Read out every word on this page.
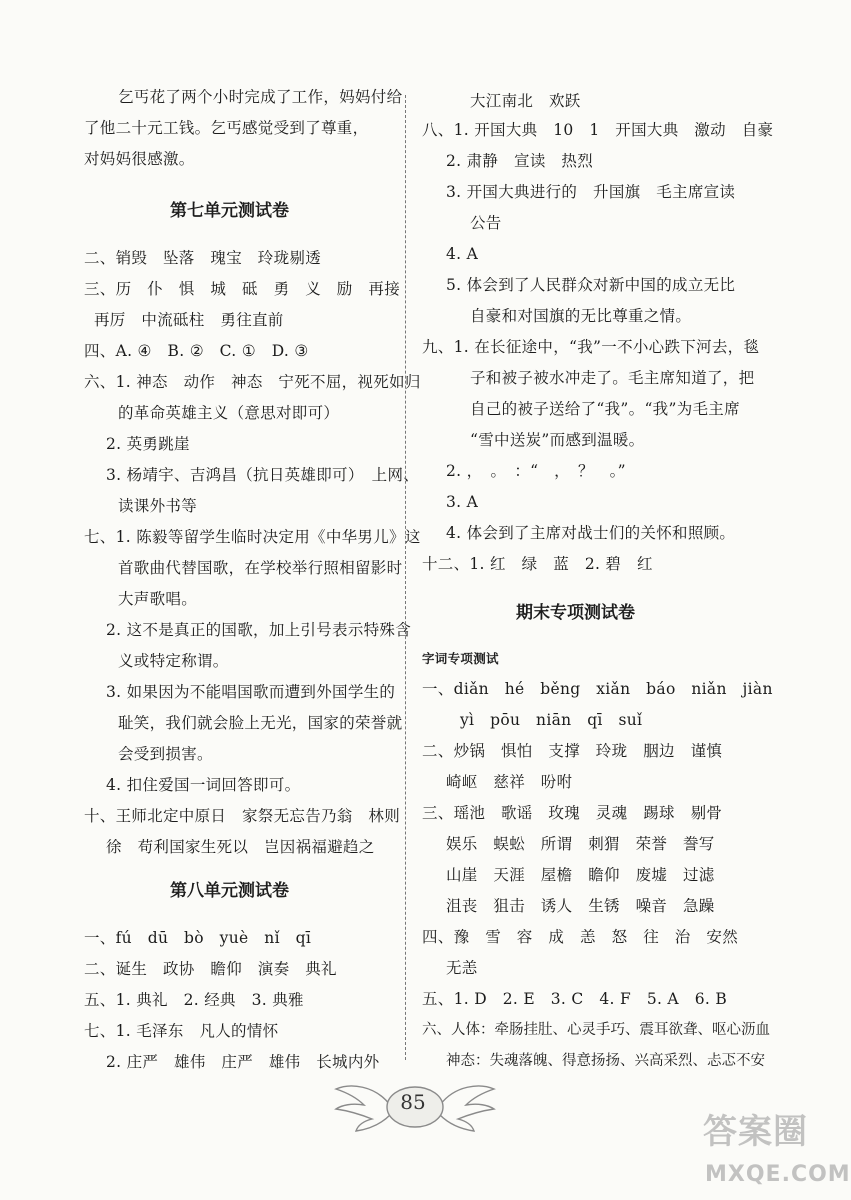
乞丐花了两个小时完成了工作，妈妈付给
了他二十元工钱。乞丐感觉受到了尊重，
对妈妈很感激。
第七单元测试卷
二、销毁　坠落　瑰宝　玲珑剔透
三、历　仆　惧　城　砥　勇　义　励　再接
再厉　中流砥柱　勇往直前
四、A. ④　B. ②　C. ①　D. ③
六、1. 神态　动作　神态　宁死不屈，视死如归
的革命英雄主义（意思对即可）
2. 英勇跳崖
3. 杨靖宇、吉鸿昌（抗日英雄即可）　上网、
读课外书等
七、1. 陈毅等留学生临时决定用《中华男儿》这
首歌曲代替国歌，在学校举行照相留影时
大声歌唱。
2. 这不是真正的国歌，加上引号表示特殊含
义或特定称谓。
3. 如果因为不能唱国歌而遭到外国学生的
耻笑，我们就会脸上无光，国家的荣誉就
会受到损害。
4. 扣住爱国一词回答即可。
十、王师北定中原日　家祭无忘告乃翁　林则
徐　苟利国家生死以　岂因祸福避趋之
第八单元测试卷
一、fú　dū　bò　yuè　nǐ　qī
二、诞生　政协　瞻仰　演奏　典礼
五、1. 典礼　2. 经典　3. 典雅
七、1. 毛泽东　凡人的情怀
2. 庄严　雄伟　庄严　雄伟　长城内外
大江南北　欢跃
八、1. 开国大典　10　1　开国大典　激动　自豪
2. 肃静　宣读　热烈
3. 开国大典进行的　升国旗　毛主席宣读
公告
4. A
5. 体会到了人民群众对新中国的成立无比
自豪和对国旗的无比尊重之情。
九、1. 在长征途中，“我”一不小心跌下河去，毯
子和被子被水冲走了。毛主席知道了，把
自己的被子送给了“我”。“我”为毛主席
“雪中送炭”而感到温暖。
2. ，　。　：“　，　？　。”
3. A
4. 体会到了主席对战士们的关怀和照顾。
十二、1. 红　绿　蓝　2. 碧　红
期末专项测试卷
字词专项测试
一、diǎn　hé　běng　xiǎn　báo　niǎn　jiàn
yì　pōu　niān　qī　suǐ
二、炒锅　惧怕　支撑　玲珑　胭边　谨慎
崎岖　慈祥　吩咐
三、瑶池　歌谣　玫瑰　灵魂　踢球　剔骨
娱乐　蜈蚣　所谓　刺猬　荣誉　誊写
山崖　天涯　屋檐　瞻仰　废墟　过滤
沮丧　狙击　诱人　生锈　噪音　急躁
四、豫　雪　容　成　恙　怒　往　治　安然
无恙
五、1. D　2. E　3. C　4. F　5. A　6. B
六、人体：牵肠挂肚、心灵手巧、震耳欲聋、呕心沥血
神态：失魂落魄、得意扬扬、兴高采烈、忐忑不安
85
答案圈
MXQE.COM
